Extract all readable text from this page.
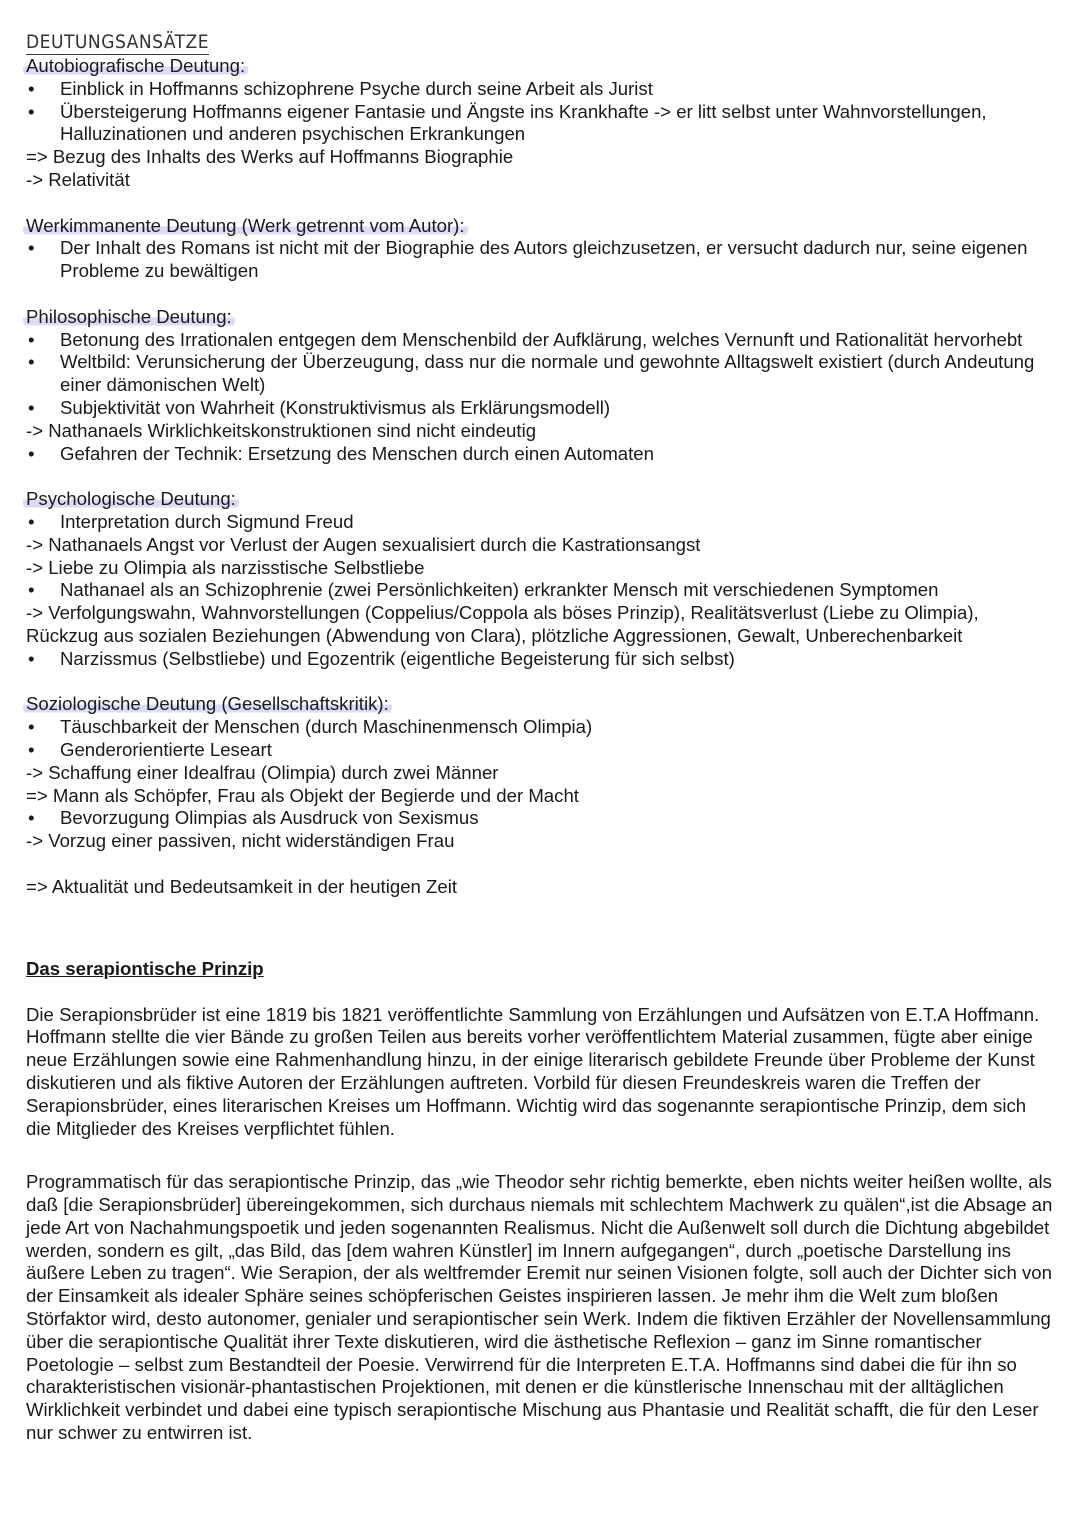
DEUTUNGSANSÄTZE
Autobiografische Deutung:
• Einblick in Hoffmanns schizophrene Psyche durch seine Arbeit als Jurist
• Übersteigerung Hoffmanns eigener Fantasie und Ängste ins Krankhafte -> er litt selbst unter Wahnvorstellungen, Halluzinationen und anderen psychischen Erkrankungen
=> Bezug des Inhalts des Werks auf Hoffmanns Biographie
-> Relativität
Werkimmanente Deutung (Werk getrennt vom Autor):
• Der Inhalt des Romans ist nicht mit der Biographie des Autors gleichzusetzen, er versucht dadurch nur, seine eigenen Probleme zu bewältigen
Philosophische Deutung:
• Betonung des Irrationalen entgegen dem Menschenbild der Aufklärung, welches Vernunft und Rationalität hervorhebt
• Weltbild: Verunsicherung der Überzeugung, dass nur die normale und gewohnte Alltagswelt existiert (durch Andeutung einer dämonischen Welt)
• Subjektivität von Wahrheit (Konstruktivismus als Erklärungsmodell)
-> Nathanaels Wirklichkeitskonstruktionen sind nicht eindeutig
• Gefahren der Technik: Ersetzung des Menschen durch einen Automaten
Psychologische Deutung:
• Interpretation durch Sigmund Freud
-> Nathanaels Angst vor Verlust der Augen sexualisiert durch die Kastrationsangst
-> Liebe zu Olimpia als narzisstische Selbstliebe
• Nathanael als an Schizophrenie (zwei Persönlichkeiten) erkrankter Mensch mit verschiedenen Symptomen
-> Verfolgungswahn, Wahnvorstellungen (Coppelius/Coppola als böses Prinzip), Realitätsverlust (Liebe zu Olimpia), Rückzug aus sozialen Beziehungen (Abwendung von Clara), plötzliche Aggressionen, Gewalt, Unberechenbarkeit
• Narzissmus (Selbstliebe) und Egozentrik (eigentliche Begeisterung für sich selbst)
Soziologische Deutung (Gesellschaftskritik):
• Täuschbarkeit der Menschen (durch Maschinenmensch Olimpia)
• Genderorientierte Leseart
-> Schaffung einer Idealfrau (Olimpia) durch zwei Männer
=> Mann als Schöpfer, Frau als Objekt der Begierde und der Macht
• Bevorzugung Olimpias als Ausdruck von Sexismus
-> Vorzug einer passiven, nicht widerständigen Frau
=> Aktualität und Bedeutsamkeit in der heutigen Zeit
Das serapiontische Prinzip

Die Serapionsbrüder ist eine 1819 bis 1821 veröffentlichte Sammlung von Erzählungen und Aufsätzen von E.T.A Hoffmann. Hoffmann stellte die vier Bände zu großen Teilen aus bereits vorher veröffentlichtem Material zusammen, fügte aber einige neue Erzählungen sowie eine Rahmenhandlung hinzu, in der einige literarisch gebildete Freunde über Probleme der Kunst diskutieren und als fiktive Autoren der Erzählungen auftreten. Vorbild für diesen Freundeskreis waren die Treffen der Serapionsbrüder, eines literarischen Kreises um Hoffmann. Wichtig wird das sogenannte serapiontische Prinzip, dem sich die Mitglieder des Kreises verpflichtet fühlen.

Programmatisch für das serapiontische Prinzip, das „wie Theodor sehr richtig bemerkte, eben nichts weiter heißen wollte, als daß [die Serapionsbrüder] übereingekommen, sich durchaus niemals mit schlechtem Machwerk zu quälen“,ist die Absage an jede Art von Nachahmungspoetik und jeden sogenannten Realismus. Nicht die Außenwelt soll durch die Dichtung abgebildet werden, sondern es gilt, „das Bild, das [dem wahren Künstler] im Innern aufgegangen“, durch „poetische Darstellung ins äußere Leben zu tragen“. Wie Serapion, der als weltfremder Eremit nur seinen Visionen folgte, soll auch der Dichter sich von der Einsamkeit als idealer Sphäre seines schöpferischen Geistes inspirieren lassen. Je mehr ihm die Welt zum bloßen Störfaktor wird, desto autonomer, genialer und serapiontischer sein Werk. Indem die fiktiven Erzähler der Novellensammlung über die serapiontische Qualität ihrer Texte diskutieren, wird die ästhetische Reflexion – ganz im Sinne romantischer Poetologie – selbst zum Bestandteil der Poesie. Verwirrend für die Interpreten E.T.A. Hoffmanns sind dabei die für ihn so charakteristischen visionär-phantastischen Projektionen, mit denen er die künstlerische Innenschau mit der alltäglichen Wirklichkeit verbindet und dabei eine typisch serapiontische Mischung aus Phantasie und Realität schafft, die für den Leser nur schwer zu entwirren ist.
